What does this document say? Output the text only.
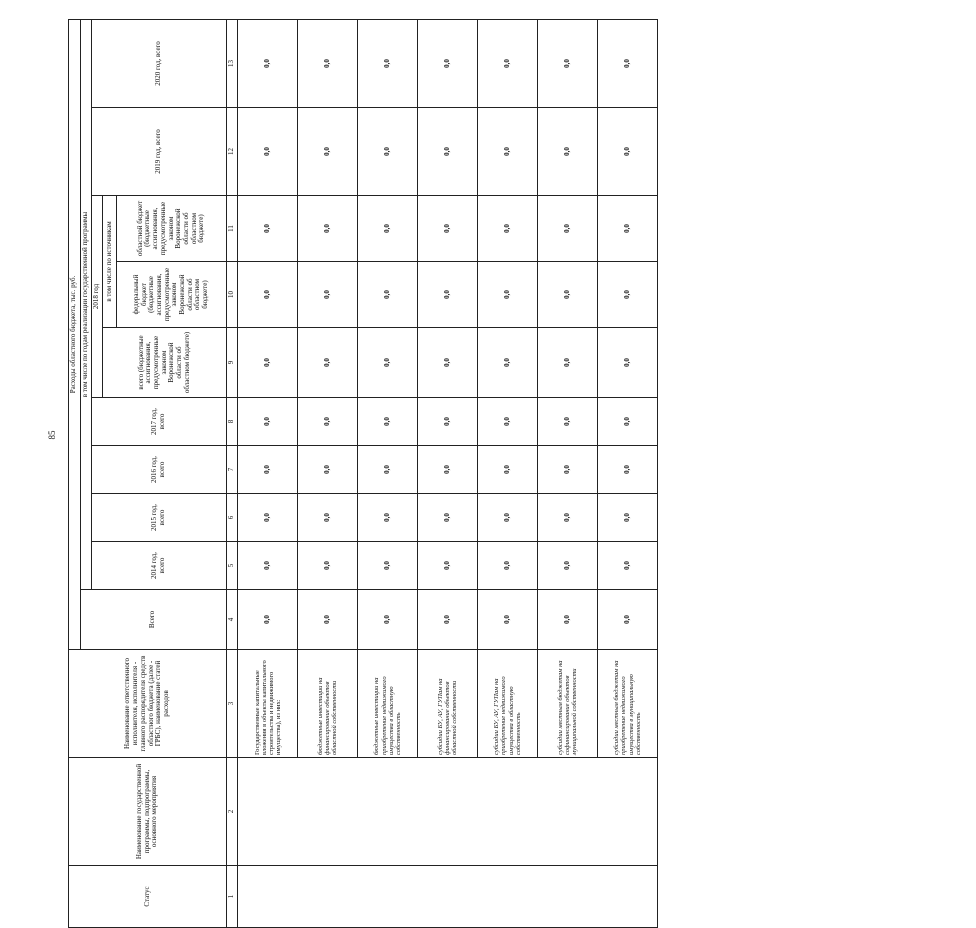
85
Статус	Наименование государственной программы, подпрограммы, основного мероприятия	Наименование ответственного исполнителя, исполнителя - главного распорядителя средств областного бюджета (далее - ГРБС), наименование статей расходов	Расходы областного бюджета, тыс. руб.									
			Всего	в том числе по годам реализации государственной программы								
				2014 год, всего	2015 год, всего	2016 год, всего	2017 год, всего	2018 год			2019 год, всего	2020 год, всего
								всего (бюджетные ассигнования, предусмотренные законом Воронежской области об областном бюджете)	в том числе по источникам			
									федеральный бюджет (бюджетные ассигнования, предусмотренные законом Воронежской области об областном бюджете)	областной бюджет (бюджетные ассигнования, предусмотренные законом Воронежской области об областном бюджете)		
1	2	3	4	5	6	7	8	9	10	11	12	13
		Государственные капитальные вложения в объекты капитального строительства и недвижимого имущества), из них:	0,0	0,0	0,0	0,0	0,0	0,0	0,0	0,0	0,0	0,0
		бюджетные инвестиции на финансирование объектов областной собственности	0,0	0,0	0,0	0,0	0,0	0,0	0,0	0,0	0,0	0,0
		бюджетные инвестиции на приобретение недвижимого имущества в областную собственность	0,0	0,0	0,0	0,0	0,0	0,0	0,0	0,0	0,0	0,0
		субсидии БУ, АУ, ГУПам на финансирование объектов областной собственности	0,0	0,0	0,0	0,0	0,0	0,0	0,0	0,0	0,0	0,0
		субсидии БУ, АУ, ГУПам на приобретение недвижимого имущества в областную собственность	0,0	0,0	0,0	0,0	0,0	0,0	0,0	0,0	0,0	0,0
		субсидии местным бюджетам на софинансирование объектов муниципальной собственности	0,0	0,0	0,0	0,0	0,0	0,0	0,0	0,0	0,0	0,0
		субсидии местным бюджетам на приобретение недвижимого имущества в муниципальную собственность	0,0	0,0	0,0	0,0	0,0	0,0	0,0	0,0	0,0	0,0
